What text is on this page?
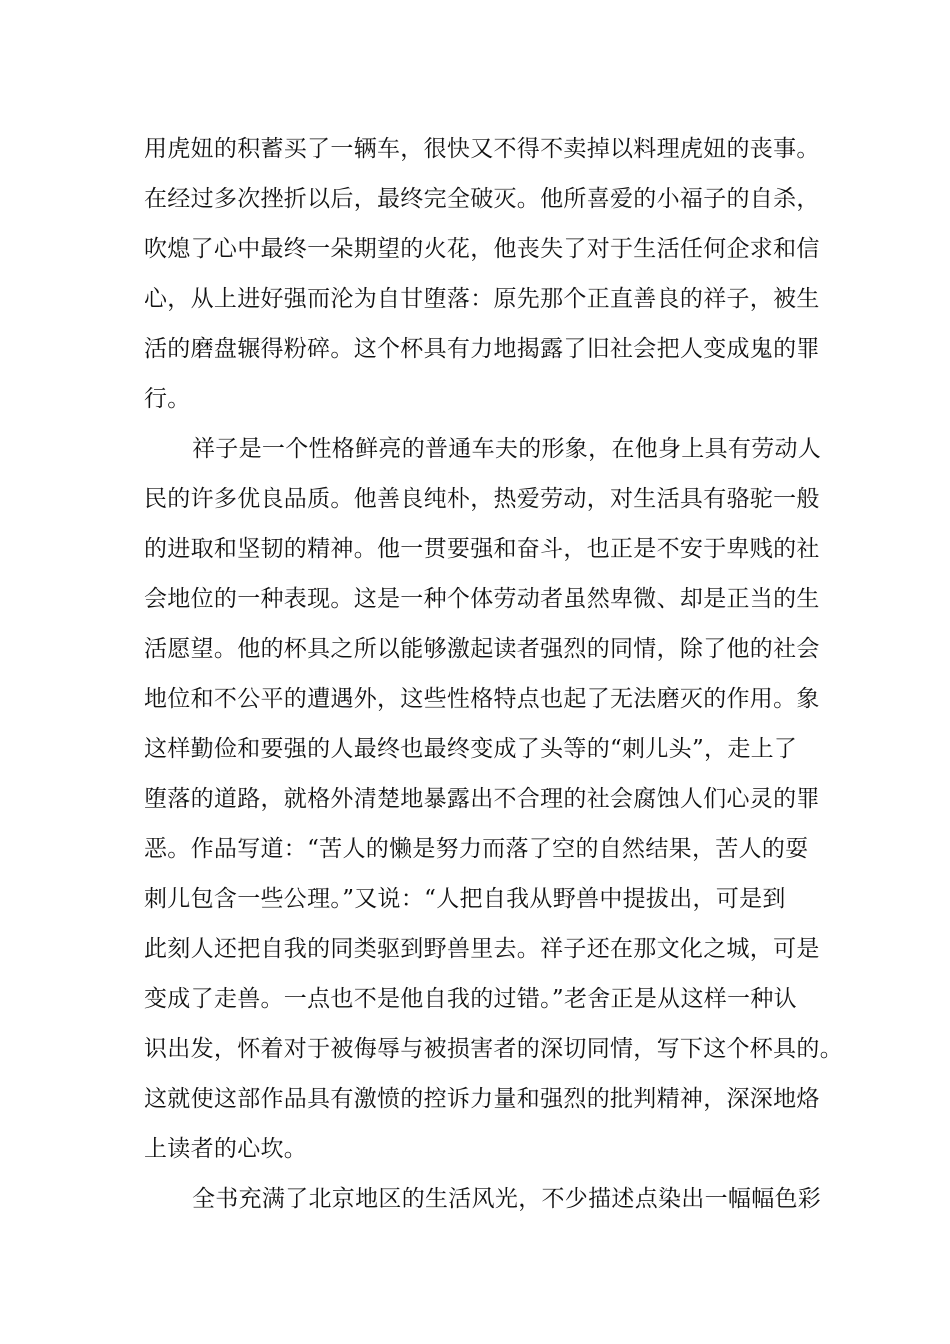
用虎妞的积蓄买了一辆车，很快又不得不卖掉以料理虎妞的丧事。
在经过多次挫折以后，最终完全破灭。他所喜爱的小福子的自杀，
吹熄了心中最终一朵期望的火花，他丧失了对于生活任何企求和信
心，从上进好强而沦为自甘堕落：原先那个正直善良的祥子，被生
活的磨盘辗得粉碎。这个杯具有力地揭露了旧社会把人变成鬼的罪
行。
祥子是一个性格鲜亮的普通车夫的形象，在他身上具有劳动人
民的许多优良品质。他善良纯朴，热爱劳动，对生活具有骆驼一般
的进取和坚韧的精神。他一贯要强和奋斗，也正是不安于卑贱的社
会地位的一种表现。这是一种个体劳动者虽然卑微、却是正当的生
活愿望。他的杯具之所以能够激起读者强烈的同情，除了他的社会
地位和不公平的遭遇外，这些性格特点也起了无法磨灭的作用。象
这样勤俭和要强的人最终也最终变成了头等的“刺儿头”，走上了
堕落的道路，就格外清楚地暴露出不合理的社会腐蚀人们心灵的罪
恶。作品写道：“苦人的懒是努力而落了空的自然结果，苦人的耍
刺儿包含一些公理。”又说：“人把自我从野兽中提拔出，可是到
此刻人还把自我的同类驱到野兽里去。祥子还在那文化之城，可是
变成了走兽。一点也不是他自我的过错。”老舍正是从这样一种认
识出发，怀着对于被侮辱与被损害者的深切同情，写下这个杯具的。
这就使这部作品具有激愤的控诉力量和强烈的批判精神，深深地烙
上读者的心坎。
全书充满了北京地区的生活风光，不少描述点染出一幅幅色彩
